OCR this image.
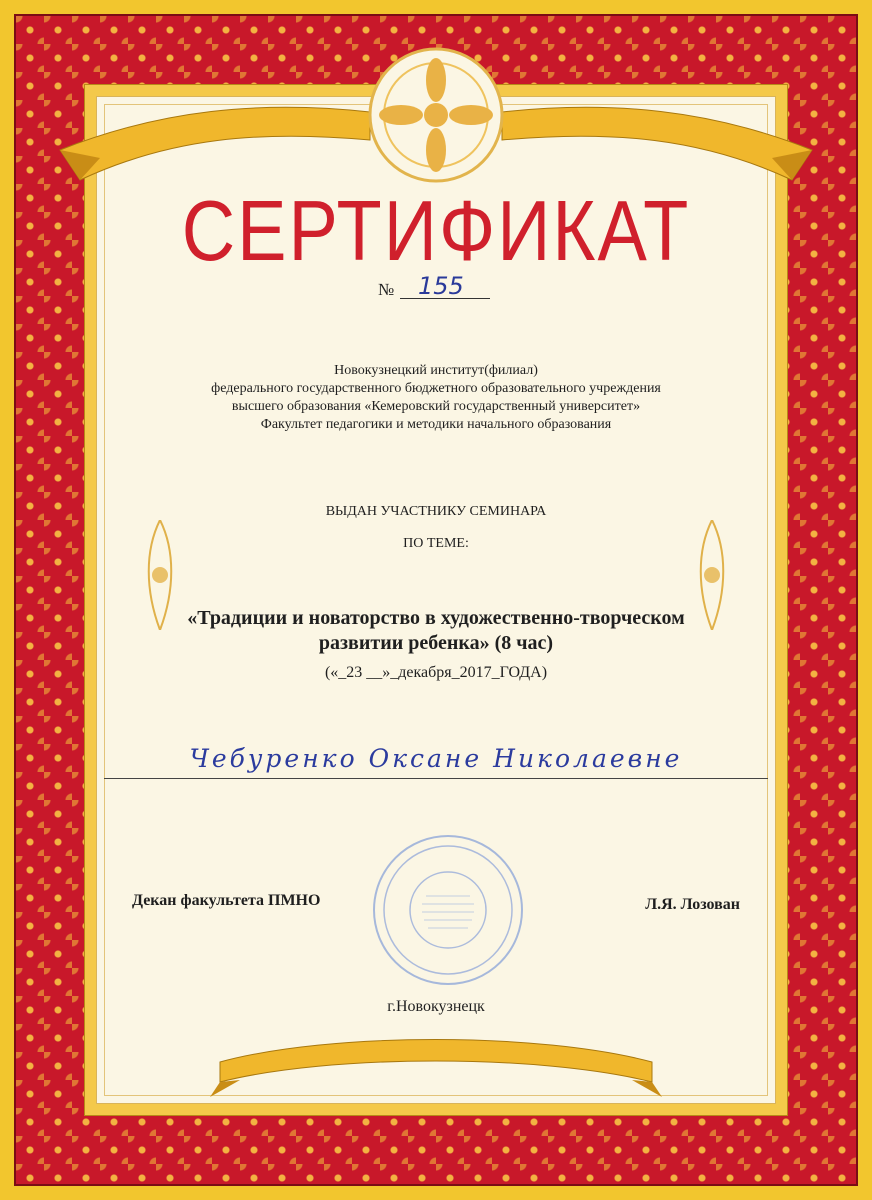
СЕРТИФИКАТ
№ 155
Новокузнецкий институт(филиал)
федерального государственного бюджетного образовательного учреждения
высшего образования «Кемеровский государственный университет»
Факультет педагогики и методики начального образования
ВЫДАН УЧАСТНИКУ СЕМИНАРА
ПО ТЕМЕ:
«Традиции и новаторство в художественно-творческом
развитии ребенка» (8 час)
(«_23 __»_декабря_2017_ГОДА)
Чебуренко Оксане Николаевне
Декан факультета ПМНО	Л.Я. Лозован
г.Новокузнецк
